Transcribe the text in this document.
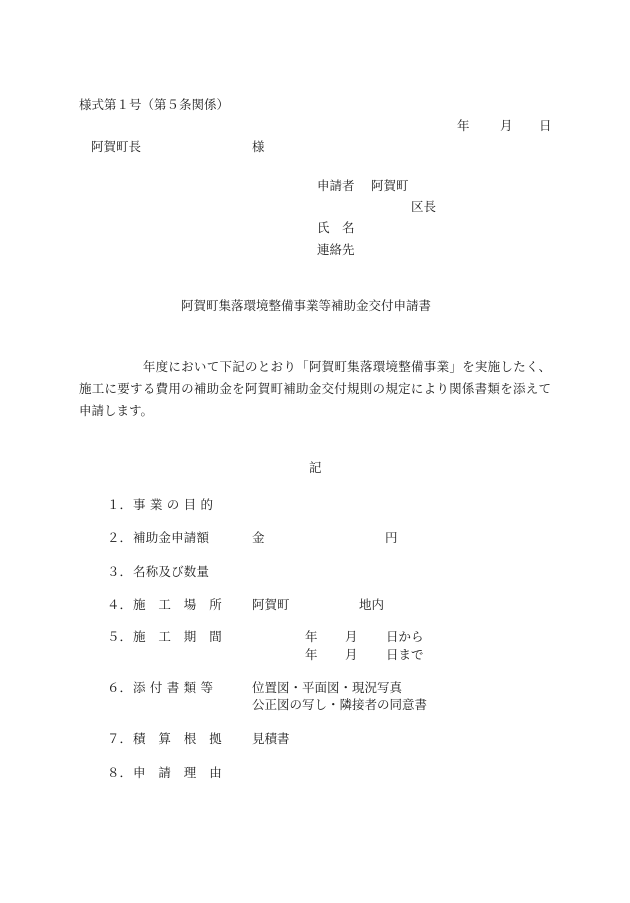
様式第１号（第５条関係）
年 月 日
阿賀町長	様
申請者 阿賀町
区長
氏　名
連絡先
阿賀町集落環境整備事業等補助金交付申請書
　　　　　年度において下記のとおり「阿賀町集落環境整備事業」を実施したく、施工に要する費用の補助金を阿賀町補助金交付規則の規定により関係書類を添えて申請します。
記
１． 事 業 の 目 的
２． 補助金申請額	金	円
３． 名称及び数量
４． 施　工　場　所 阿賀町	地内
５． 施　工　期　間	年 月 日から
年 月 日まで
６． 添 付 書 類 等	位置図・平面図・現況写真
公正図の写し・隣接者の同意書
７． 積　算　根　拠 見積書
８． 申　請　理　由
